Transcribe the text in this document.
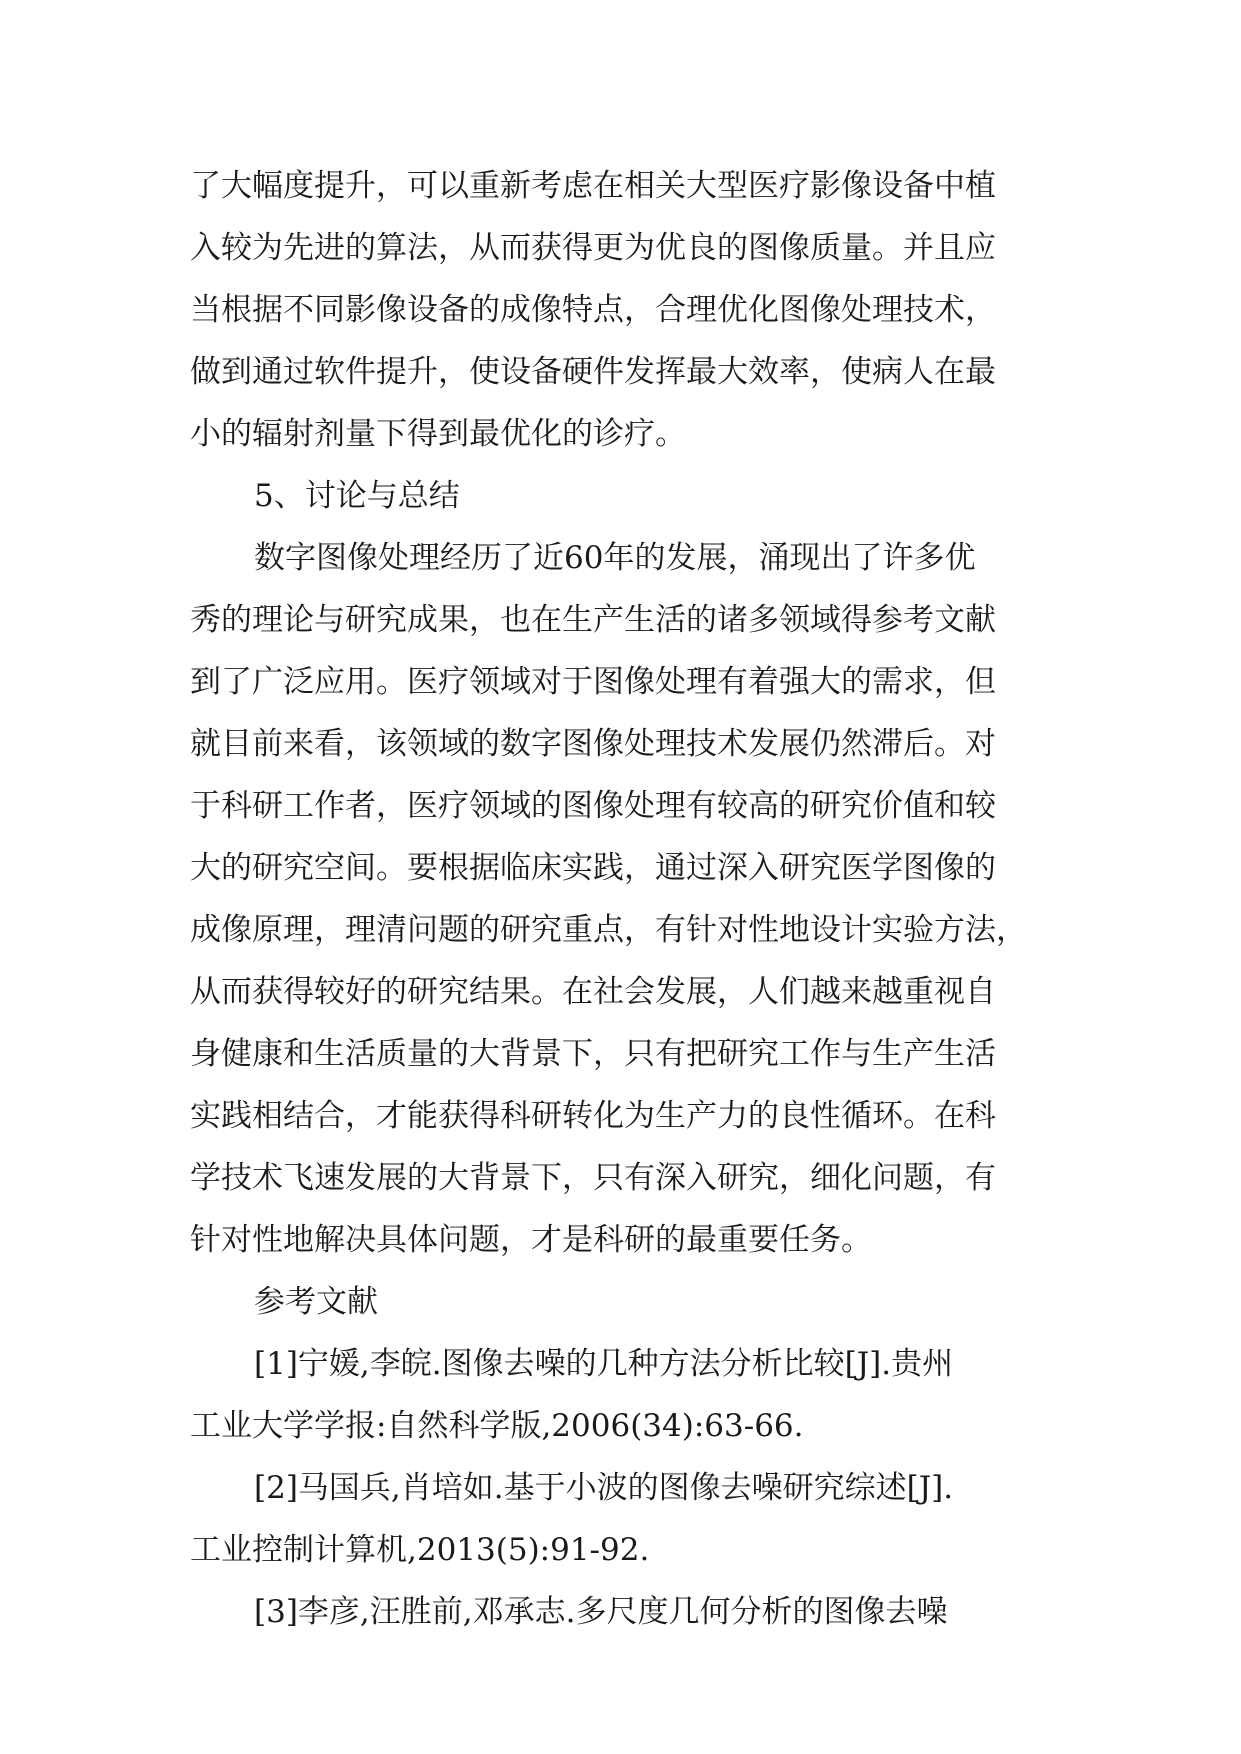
了大幅度提升，可以重新考虑在相关大型医疗影像设备中植
入较为先进的算法，从而获得更为优良的图像质量。并且应
当根据不同影像设备的成像特点，合理优化图像处理技术，
做到通过软件提升，使设备硬件发挥最大效率，使病人在最
小的辐射剂量下得到最优化的诊疗。
5、讨论与总结
数字图像处理经历了近60年的发展，涌现出了许多优
秀的理论与研究成果，也在生产生活的诸多领域得参考文献
到了广泛应用。医疗领域对于图像处理有着强大的需求，但
就目前来看，该领域的数字图像处理技术发展仍然滞后。对
于科研工作者，医疗领域的图像处理有较高的研究价值和较
大的研究空间。要根据临床实践，通过深入研究医学图像的
成像原理，理清问题的研究重点，有针对性地设计实验方法，
从而获得较好的研究结果。在社会发展，人们越来越重视自
身健康和生活质量的大背景下，只有把研究工作与生产生活
实践相结合，才能获得科研转化为生产力的良性循环。在科
学技术飞速发展的大背景下，只有深入研究，细化问题，有
针对性地解决具体问题，才是科研的最重要任务。
参考文献
[1]宁媛,李皖.图像去噪的几种方法分析比较[J].贵州
工业大学学报:自然科学版,2006(34):63-66.
[2]马国兵,肖培如.基于小波的图像去噪研究综述[J].
工业控制计算机,2013(5):91-92.
[3]李彦,汪胜前,邓承志.多尺度几何分析的图像去噪
